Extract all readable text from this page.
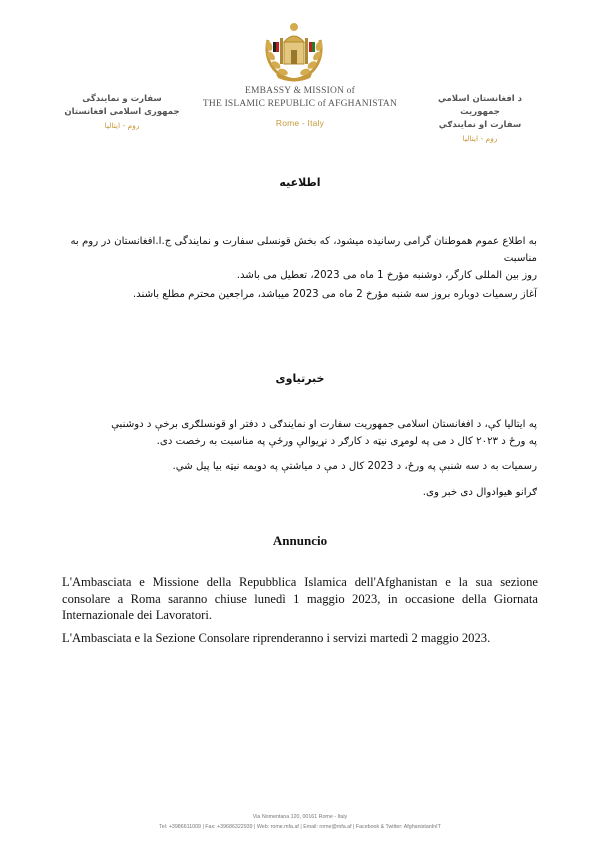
EMBASSY & MISSION of
THE ISLAMIC REPUBLIC of AFGHANISTAN
Rome - Italy
سفارت و نمایندگی
جمهوری اسلامی افغانستان
روم - ایتالیا
د افغانستان اسلامي جمهوريت
سفارت او نمايندګي
روم - ایتالیا
اطلاعیه
به اطلاع عموم هموطنان گرامی رسانیده میشود، که بخش قونسلی سفارت و نمایندگی ج.ا.افغانستان در روم به مناسبت
روز بین المللی کارگر، دوشنبه مؤرخ 1 ماه می 2023، تعطیل می باشد.
آغاز رسمیات دوباره بروز سه شنبه مؤرخ 2 ماه می 2023 میباشد، مراجعین محترم مطلع باشند.
خبرتیاوی
په ایتالیا کې، د افغانستان اسلامی جمهوریت سفارت او نمایندګی د دفتر او قونسلګری برخې د دوشنبې
په ورځ د ۲۰۲۳ کال د می په لومړی نیټه د کارګر د نړیوالې ورځې په مناسبت به رخصت دی.
رسمیات به د سه شنبې په ورځ، د 2023 کال د مې د میاشتې په دویمه نیټه بیا پیل شي.
ګرانو هیوادوال دی خبر وی.
Annuncio
L'Ambasciata e Missione della Repubblica Islamica dell'Afghanistan e la sua sezione consolare a Roma saranno chiuse lunedì 1 maggio 2023, in occasione della Giornata Internazionale dei Lavoratori.
L'Ambasciata e la Sezione Consolare riprenderanno i servizi martedì 2 maggio 2023.
Via Nomentana 120, 00161 Rome - Italy
Tel: +3986611009 | Fax: +39686322939 | Web: rome.mfa.af | Email: rome@mfa.af | Facebook & Twitter: AfghanistanInIT
